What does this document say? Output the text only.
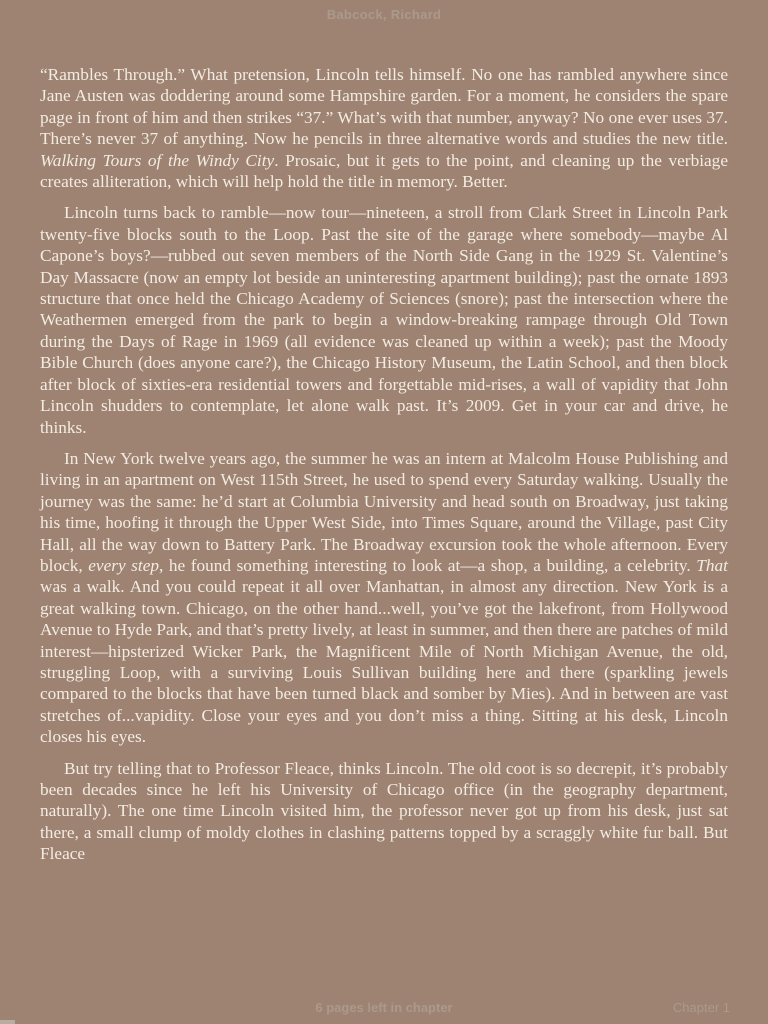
Babcock, Richard

“Rambles Through.” What pretension, Lincoln tells himself. No one has rambled anywhere since Jane Austen was doddering around some Hampshire garden. For a moment, he considers the spare page in front of him and then strikes “37.” What’s with that number, anyway? No one ever uses 37. There’s never 37 of anything. Now he pencils in three alternative words and studies the new title. Walking Tours of the Windy City. Prosaic, but it gets to the point, and cleaning up the verbiage creates alliteration, which will help hold the title in memory. Better.

Lincoln turns back to ramble—now tour—nineteen, a stroll from Clark Street in Lincoln Park twenty-five blocks south to the Loop. Past the site of the garage where somebody—maybe Al Capone’s boys?—rubbed out seven members of the North Side Gang in the 1929 St. Valentine’s Day Massacre (now an empty lot beside an uninteresting apartment building); past the ornate 1893 structure that once held the Chicago Academy of Sciences (snore); past the intersection where the Weathermen emerged from the park to begin a window-breaking rampage through Old Town during the Days of Rage in 1969 (all evidence was cleaned up within a week); past the Moody Bible Church (does anyone care?), the Chicago History Museum, the Latin School, and then block after block of sixties-era residential towers and forgettable mid-rises, a wall of vapidity that John Lincoln shudders to contemplate, let alone walk past. It’s 2009. Get in your car and drive, he thinks.

In New York twelve years ago, the summer he was an intern at Malcolm House Publishing and living in an apartment on West 115th Street, he used to spend every Saturday walking. Usually the journey was the same: he’d start at Columbia University and head south on Broadway, just taking his time, hoofing it through the Upper West Side, into Times Square, around the Village, past City Hall, all the way down to Battery Park. The Broadway excursion took the whole afternoon. Every block, every step, he found something interesting to look at—a shop, a building, a celebrity. That was a walk. And you could repeat it all over Manhattan, in almost any direction. New York is a great walking town. Chicago, on the other hand...well, you’ve got the lakefront, from Hollywood Avenue to Hyde Park, and that’s pretty lively, at least in summer, and then there are patches of mild interest—hipsterized Wicker Park, the Magnificent Mile of North Michigan Avenue, the old, struggling Loop, with a surviving Louis Sullivan building here and there (sparkling jewels compared to the blocks that have been turned black and somber by Mies). And in between are vast stretches of...vapidity. Close your eyes and you don’t miss a thing. Sitting at his desk, Lincoln closes his eyes.

But try telling that to Professor Fleace, thinks Lincoln. The old coot is so decrepit, it’s probably been decades since he left his University of Chicago office (in the geography department, naturally). The one time Lincoln visited him, the professor never got up from his desk, just sat there, a small clump of moldy clothes in clashing patterns topped by a scraggly white fur ball. But Fleace

6 pages left in chapter	Chapter 1
